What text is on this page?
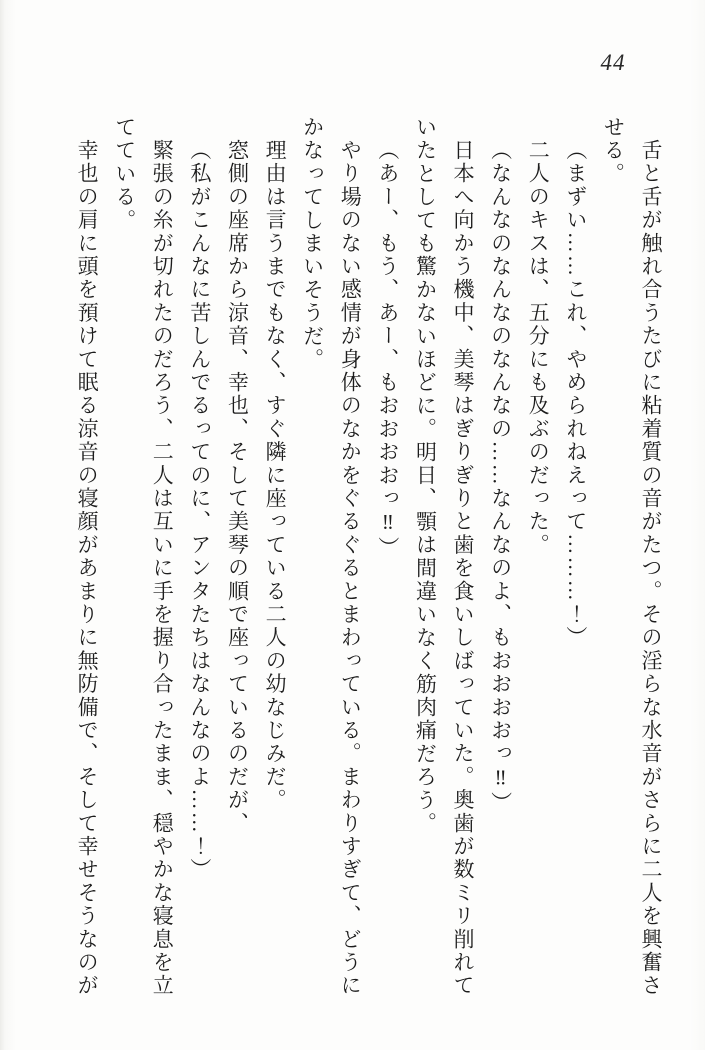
44

舌と舌が触れ合うたびに粘着質の音がたつ。その淫らな水音がさらに二人を興奮さ

せる。

（まずい……これ、やめられねえって………！）

二人のキスは、五分にも及ぶのだった。

（なんなのなんなのなんなの……なんなのよ、もおおおおっ‼）

日本へ向かう機中、美琴はぎりぎりと歯を食いしばっていた。奥歯が数ミリ削れて

いたとしても驚かないほどに。明日、顎は間違いなく筋肉痛だろう。

（あー、もう、あー、もおおおおっ‼）

やり場のない感情が身体のなかをぐるぐるとまわっている。まわりすぎて、どうに

かなってしまいそうだ。

理由は言うまでもなく、すぐ隣に座っている二人の幼なじみだ。

窓側の座席から涼音、幸也、そして美琴の順で座っているのだが、

（私がこんなに苦しんでるってのに、アンタたちはなんなのよ……！）

緊張の糸が切れたのだろう、二人は互いに手を握り合ったまま、穏やかな寝息を立

てている。

幸也の肩に頭を預けて眠る涼音の寝顔があまりに無防備で、そして幸せそうなのが
